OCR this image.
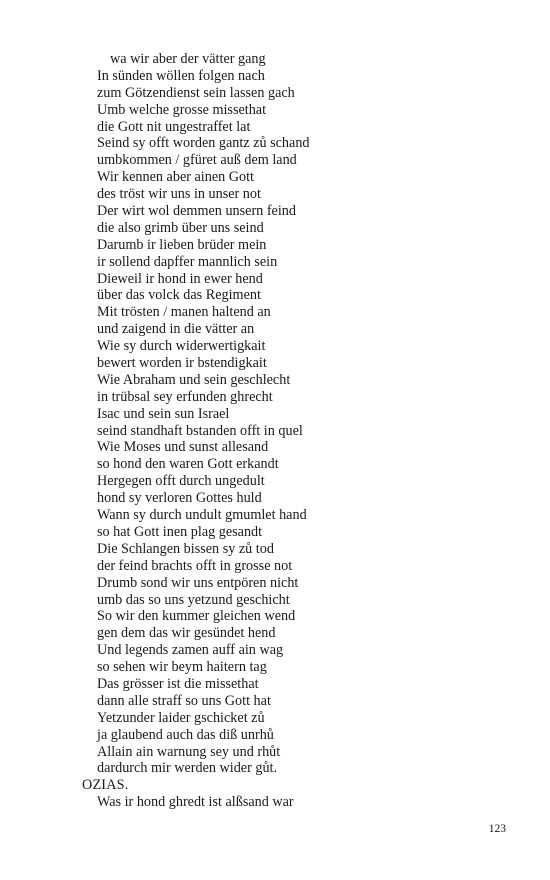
wa wir aber der vätter gang
In sünden wöllen folgen nach
zum Götzendienst sein lassen gach
Umb welche grosse missethat
die Gott nit ungestraffet lat
Seind sy offt worden gantz zů schand
umbkommen / gfüret auß dem land
Wir kennen aber ainen Gott
des tröst wir uns in unser not
Der wirt wol demmen unsern feind
die also grimb über uns seind
Darumb ir lieben brüder mein
ir sollend dapffer mannlich sein
Dieweil ir hond in ewer hend
über das volck das Regiment
Mit trösten / manen haltend an
und zaigend in die vätter an
Wie sy durch widerwertigkait
bewert worden ir bstendigkait
Wie Abraham und sein geschlecht
in trübsal sey erfunden ghrecht
Isac und sein sun Israel
seind standhaft bstanden offt in quel
Wie Moses und sunst allesand
so hond den waren Gott erkandt
Hergegen offt durch ungedult
hond sy verloren Gottes huld
Wann sy durch undult gmumlet hand
so hat Gott inen plag gesandt
Die Schlangen bissen sy zů tod
der feind brachts offt in grosse not
Drumb sond wir uns entpören nicht
umb das so uns yetzund geschicht
So wir den kummer gleichen wend
gen dem das wir gesündet hend
Und legends zamen auff ain wag
so sehen wir beym haitern tag
Das grösser ist die missethat
dann alle straff so uns Gott hat
Yetzunder laider gschicket zů
ja glaubend auch das diß unrhů
Allain ain warnung sey und rhůt
dardurch mir werden wider gůt.
OZIAS.
Was ir hond ghredt ist alßsand war
123
